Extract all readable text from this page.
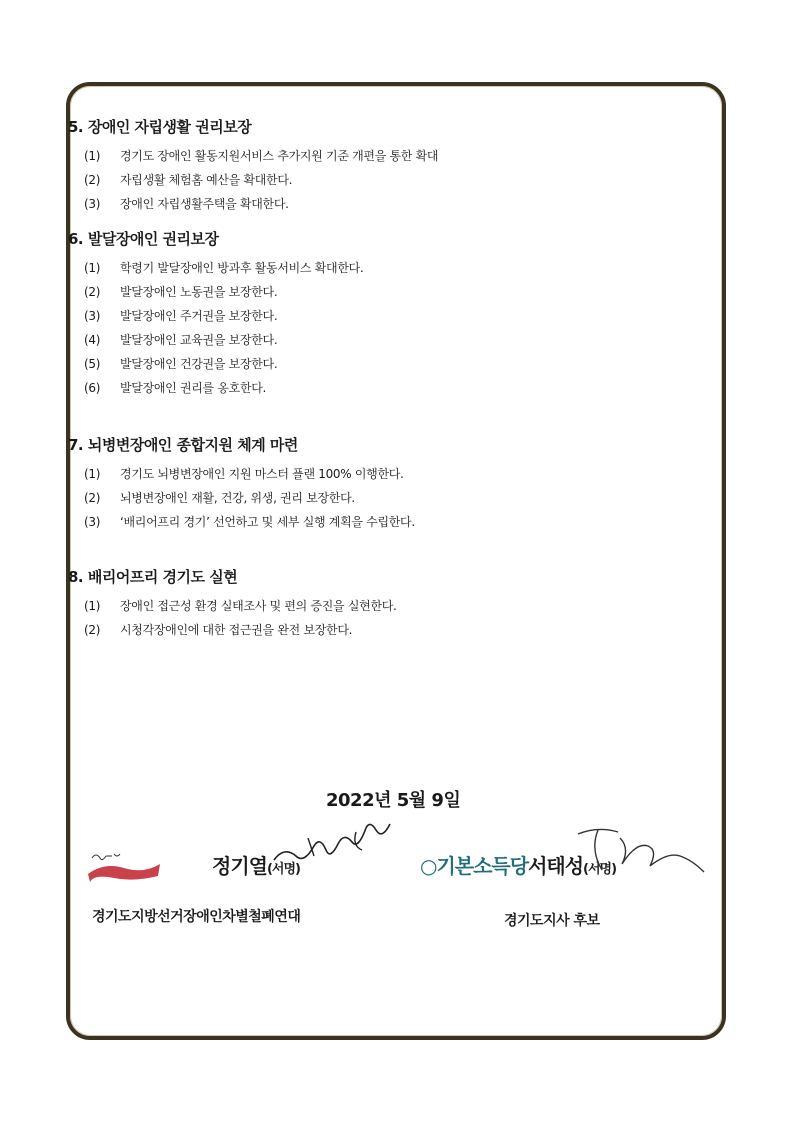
5. 장애인 자립생활 권리보장
(1) 경기도 장애인 활동지원서비스 추가지원 기준 개편을 통한 확대
(2) 자립생활 체험홈 예산을 확대한다.
(3) 장애인 자립생활주택을 확대한다.
6. 발달장애인 권리보장
(1) 학령기 발달장애인 방과후 활동서비스 확대한다.
(2) 발달장애인 노동권을 보장한다.
(3) 발달장애인 주거권을 보장한다.
(4) 발달장애인 교육권을 보장한다.
(5) 발달장애인 건강권을 보장한다.
(6) 발달장애인 권리를 옹호한다.
7. 뇌병변장애인 종합지원 체계 마련
(1) 경기도 뇌병변장애인 지원 마스터 플랜 100% 이행한다.
(2) 뇌병변장애인 재활, 건강, 위생, 권리 보장한다.
(3) ‘배리어프리 경기’ 선언하고 및 세부 실행 계획을 수립한다.
8. 배리어프리 경기도 실현
(1) 장애인 접근성 환경 실태조사 및 편의 증진을 실현한다.
(2) 시청각장애인에 대한 접근권을 완전 보장한다.
2022년 5월 9일
정기열(서명)
경기도지방선거장애인차별철폐연대
○기본소득당서태성(서명)
경기도지사 후보
